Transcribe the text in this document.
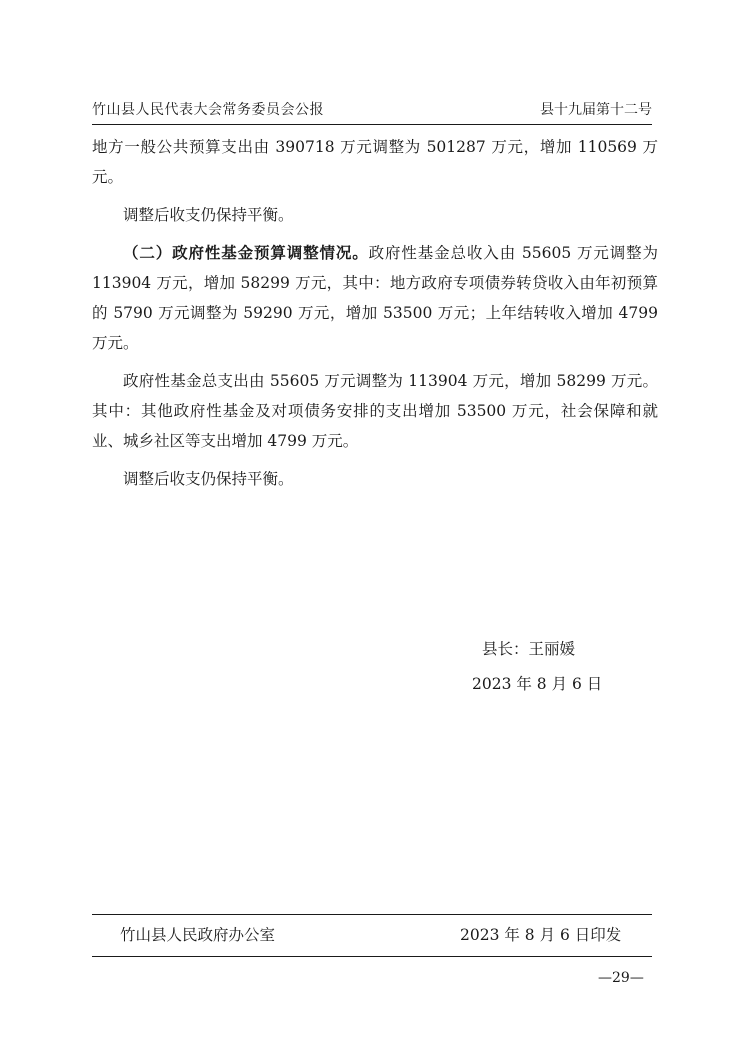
竹山县人民代表大会常务委员会公报	县十九届第十二号

地方一般公共预算支出由 390718 万元调整为 501287 万元，增加 110569 万元。

调整后收支仍保持平衡。

（二）政府性基金预算调整情况。政府性基金总收入由 55605 万元调整为 113904 万元，增加 58299 万元，其中：地方政府专项债券转贷收入由年初预算的 5790 万元调整为 59290 万元，增加 53500 万元；上年结转收入增加 4799 万元。

政府性基金总支出由 55605 万元调整为 113904 万元，增加 58299 万元。其中：其他政府性基金及对项债务安排的支出增加 53500 万元，社会保障和就业、城乡社区等支出增加 4799 万元。

调整后收支仍保持平衡。

县长：王丽媛
2023 年 8 月 6 日
竹山县人民政府办公室	2023 年 8 月 6 日印发
—29—
